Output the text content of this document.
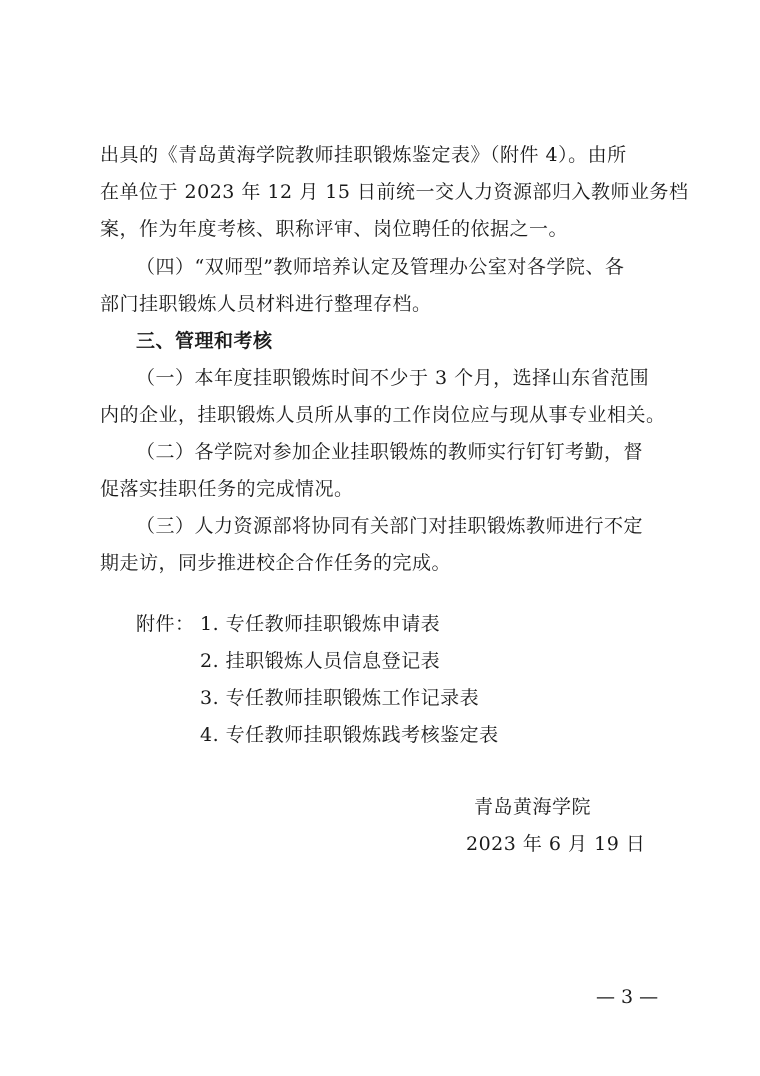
出具的《青岛黄海学院教师挂职锻炼鉴定表》（附件 4）。由所
在单位于 2023 年 12 月 15 日前统一交人力资源部归入教师业务档
案，作为年度考核、职称评审、岗位聘任的依据之一。
（四）“双师型”教师培养认定及管理办公室对各学院、各
部门挂职锻炼人员材料进行整理存档。
三、管理和考核
（一）本年度挂职锻炼时间不少于 3 个月，选择山东省范围
内的企业，挂职锻炼人员所从事的工作岗位应与现从事专业相关。
（二）各学院对参加企业挂职锻炼的教师实行钉钉考勤，督
促落实挂职任务的完成情况。
（三）人力资源部将协同有关部门对挂职锻炼教师进行不定
期走访，同步推进校企合作任务的完成。
附件： 1. 专任教师挂职锻炼申请表
2. 挂职锻炼人员信息登记表
3. 专任教师挂职锻炼工作记录表
4. 专任教师挂职锻炼践考核鉴定表
青岛黄海学院
2023 年 6 月 19 日
— 3 —
